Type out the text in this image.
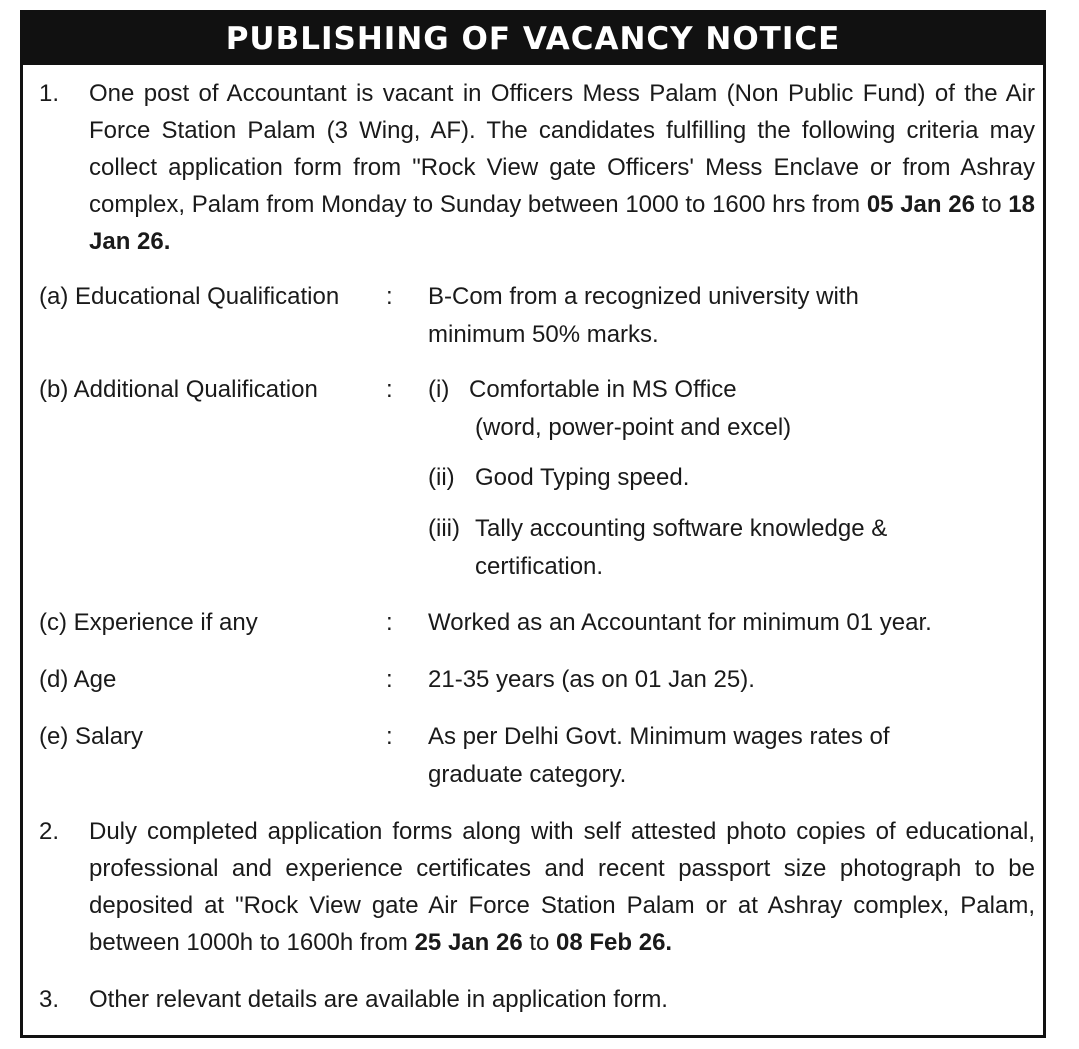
PUBLISHING OF VACANCY NOTICE
1. One post of Accountant is vacant in Officers Mess Palam (Non Public Fund) of the Air Force Station Palam (3 Wing, AF). The candidates fulfilling the following criteria may collect application form from "Rock View gate Officers' Mess Enclave or from Ashray complex, Palam from Monday to Sunday between 1000 to 1600 hrs from 05 Jan 26 to 18 Jan 26.
(a) Educational Qualification : B-Com from a recognized university with minimum 50% marks.
(b) Additional Qualification	: (i) Comfortable in MS Office
(word, power-point and excel)
(ii) Good Typing speed.
(iii) Tally accounting software knowledge &
certification.
(c) Experience if any	: Worked as an Accountant for minimum 01 year.
(d) Age	: 21-35 years (as on 01 Jan 25).
(e) Salary	: As per Delhi Govt. Minimum wages rates of graduate category.
2. Duly completed application forms along with self attested photo copies of educational, professional and experience certificates and recent passport size photograph to be deposited at "Rock View gate Air Force Station Palam or at Ashray complex, Palam, between 1000h to 1600h from 25 Jan 26 to 08 Feb 26.
3. Other relevant details are available in application form.
